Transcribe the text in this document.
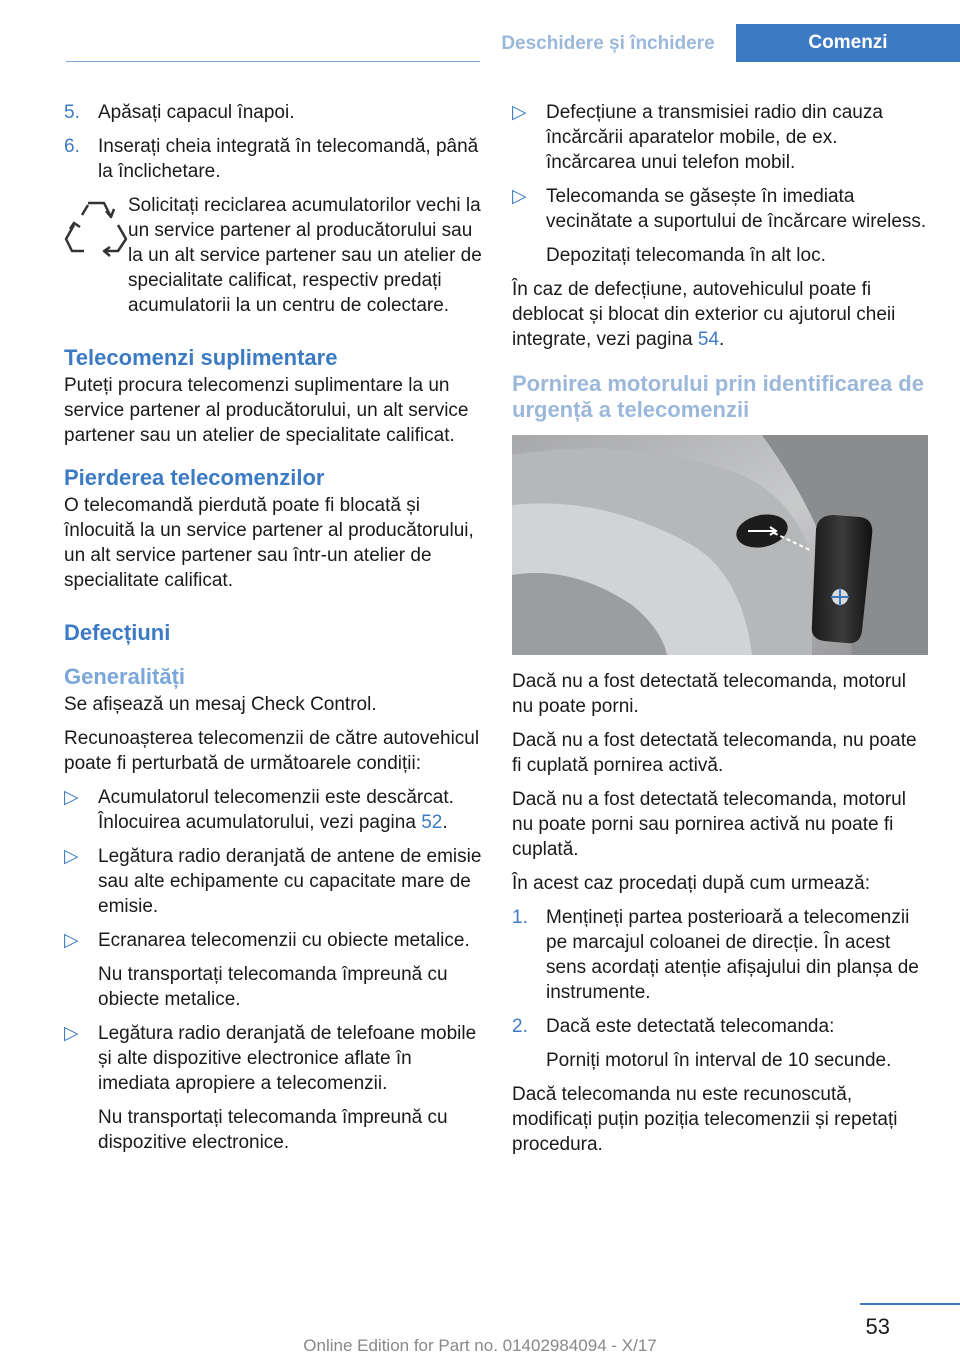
Deschidere și închidere	Comenzi
5. Apăsați capacul înapoi.
6. Inserați cheia integrată în telecomandă, până la înclichetare.

Solicitați reciclarea acumulatorilor vechi la un service partener al producătorului sau la un alt service partener sau un atelier de specialitate calificat, respectiv predați acumulatorii la un centru de colectare.

Telecomenzi suplimentare

Puteți procura telecomenzi suplimentare la un service partener al producătorului, un alt service partener sau un atelier de specialitate calificat.

Pierderea telecomenzilor

O telecomandă pierdută poate fi blocată și înlocuită la un service partener al producătorului, un alt service partener sau într-un atelier de specialitate calificat.

Defecțiuni
Generalități

Se afișează un mesaj Check Control.

Recunoașterea telecomenzii de către autovehicul poate fi perturbată de următoarele condiții:

▷	Acumulatorul telecomenzii este descărcat. Înlocuirea acumulatorului, vezi pagina 52.
▷	Legătura radio deranjată de antene de emisie sau alte echipamente cu capacitate mare de emisie.
▷	Ecranarea telecomenzii cu obiecte metalice.

Nu transportați telecomanda împreună cu obiecte metalice.

▷	Legătura radio deranjată de telefoane mobile și alte dispozitive electronice aflate în imediata apropiere a telecomenzii.

Nu transportați telecomanda împreună cu dispozitive electronice.

▷	Defecțiune a transmisiei radio din cauza încărcării aparatelor mobile, de ex. încărcarea unui telefon mobil.
▷	Telecomanda se găsește în imediata vecinătate a suportului de încărcare wireless.

Depozitați telecomanda în alt loc.

În caz de defecțiune, autovehiculul poate fi deblocat și blocat din exterior cu ajutorul cheii integrate, vezi pagina 54.

Pornirea motorului prin identificarea de urgență a telecomenzii

Dacă nu a fost detectată telecomanda, motorul nu poate porni.

Dacă nu a fost detectată telecomanda, nu poate fi cuplată pornirea activă.

Dacă nu a fost detectată telecomanda, motorul nu poate porni sau pornirea activă nu poate fi cuplată.

În acest caz procedați după cum urmează:

1. Mențineți partea posterioară a telecomenzii pe marcajul coloanei de direcție. În acest sens acordați atenție afișajului din planșa de instrumente.
2. Dacă este detectată telecomanda:

Porniți motorul în interval de 10 secunde.

Dacă telecomanda nu este recunoscută, modificați puțin poziția telecomenzii și repetați procedura.

53
Online Edition for Part no. 01402984094 - X/17
